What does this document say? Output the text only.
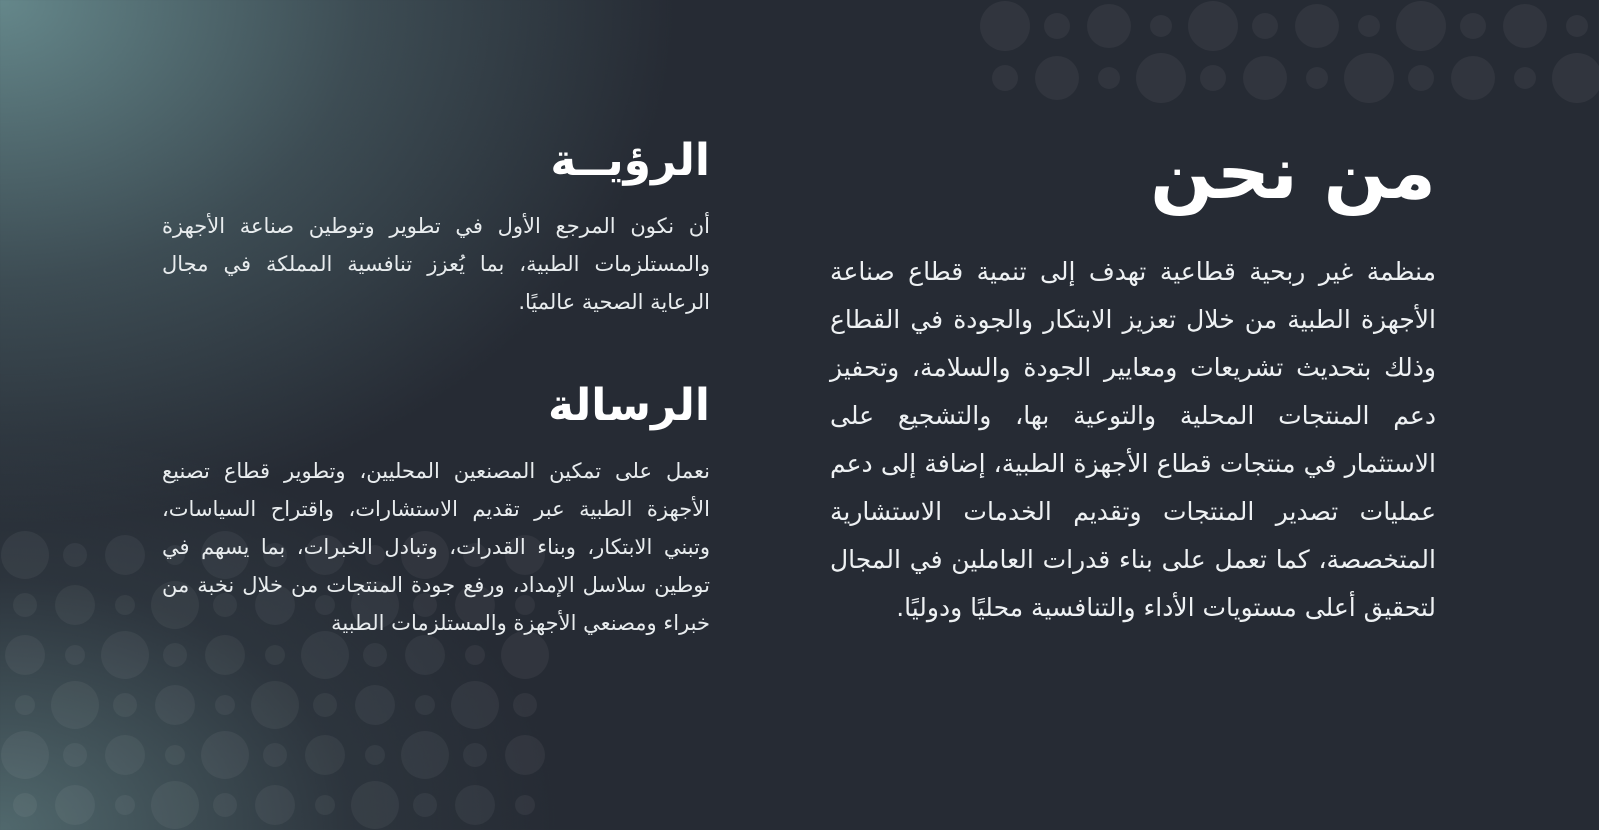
من نحن

منظمة غير ربحية قطاعية تهدف إلى تنمية قطاع صناعة الأجهزة الطبية من خلال تعزيز الابتكار والجودة في القطاع وذلك بتحديث تشريعات ومعايير الجودة والسلامة، وتحفيز دعم المنتجات المحلية والتوعية بها، والتشجيع على الاستثمار في منتجات قطاع الأجهزة الطبية، إضافة إلى دعم عمليات تصدير المنتجات وتقديم الخدمات الاستشارية المتخصصة، كما تعمل على بناء قدرات العاملين في المجال لتحقيق أعلى مستويات الأداء والتنافسية محليًا ودوليًا.

الرؤيــة

أن نكون المرجع الأول في تطوير وتوطين صناعة الأجهزة والمستلزمات الطبية، بما يُعزز تنافسية المملكة في مجال الرعاية الصحية عالميًا.

الرسالة

نعمل على تمكين المصنعين المحليين، وتطوير قطاع تصنيع الأجهزة الطبية عبر تقديم الاستشارات، واقتراح السياسات، وتبني الابتكار، وبناء القدرات، وتبادل الخبرات، بما يسهم في توطين سلاسل الإمداد، ورفع جودة المنتجات من خلال نخبة من خبراء ومصنعي الأجهزة والمستلزمات الطبية
